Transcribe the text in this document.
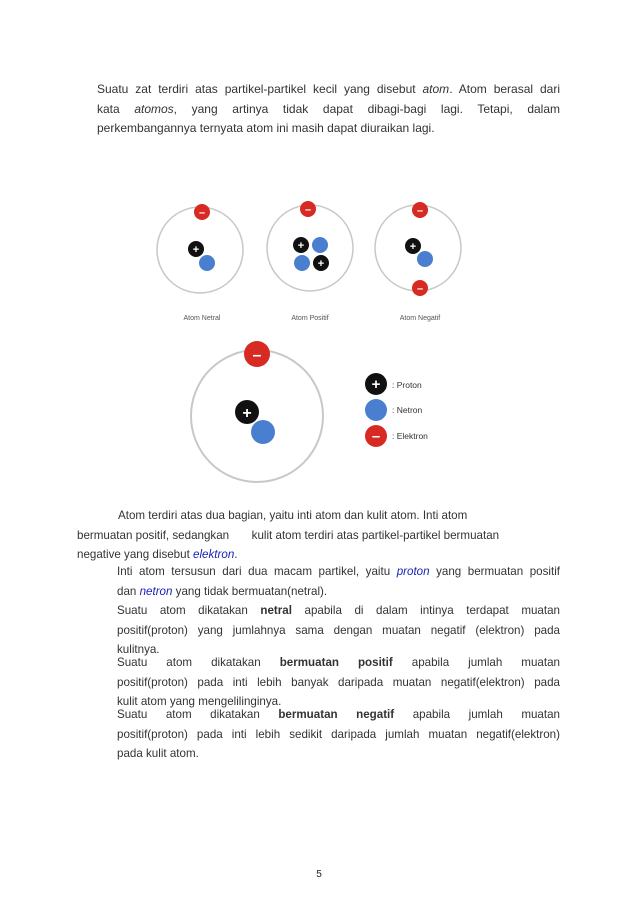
Suatu zat terdiri atas partikel-partikel kecil yang disebut atom. Atom berasal dari
kata atomos, yang artinya tidak dapat dibagi-bagi lagi. Tetapi, dalam
perkembangannya ternyata atom ini masih dapat diuraikan lagi.
–
+
Atom Netral
–
+
+
Atom Positif
–
+
–
Atom Negatif
–
+
+ : Proton
: Netron
– : Elektron
Atom terdiri atas dua bagian, yaitu inti atom dan kulit atom. Inti atom
bermuatan positif, sedangkan       kulit atom terdiri atas partikel-partikel bermuatan
negative yang disebut elektron.
Inti atom tersusun dari dua macam partikel, yaitu proton yang bermuatan positif
dan netron yang tidak bermuatan(netral).
Suatu atom dikatakan netral apabila di dalam intinya terdapat muatan
positif(proton) yang jumlahnya sama dengan muatan negatif (elektron) pada
kulitnya.
Suatu atom dikatakan bermuatan positif apabila jumlah muatan
positif(proton) pada inti lebih banyak daripada muatan negatif(elektron) pada
kulit atom yang mengelilinginya.
Suatu atom dikatakan bermuatan negatif apabila jumlah muatan
positif(proton) pada inti lebih sedikit daripada jumlah muatan negatif(elektron)
pada kulit atom.
5
